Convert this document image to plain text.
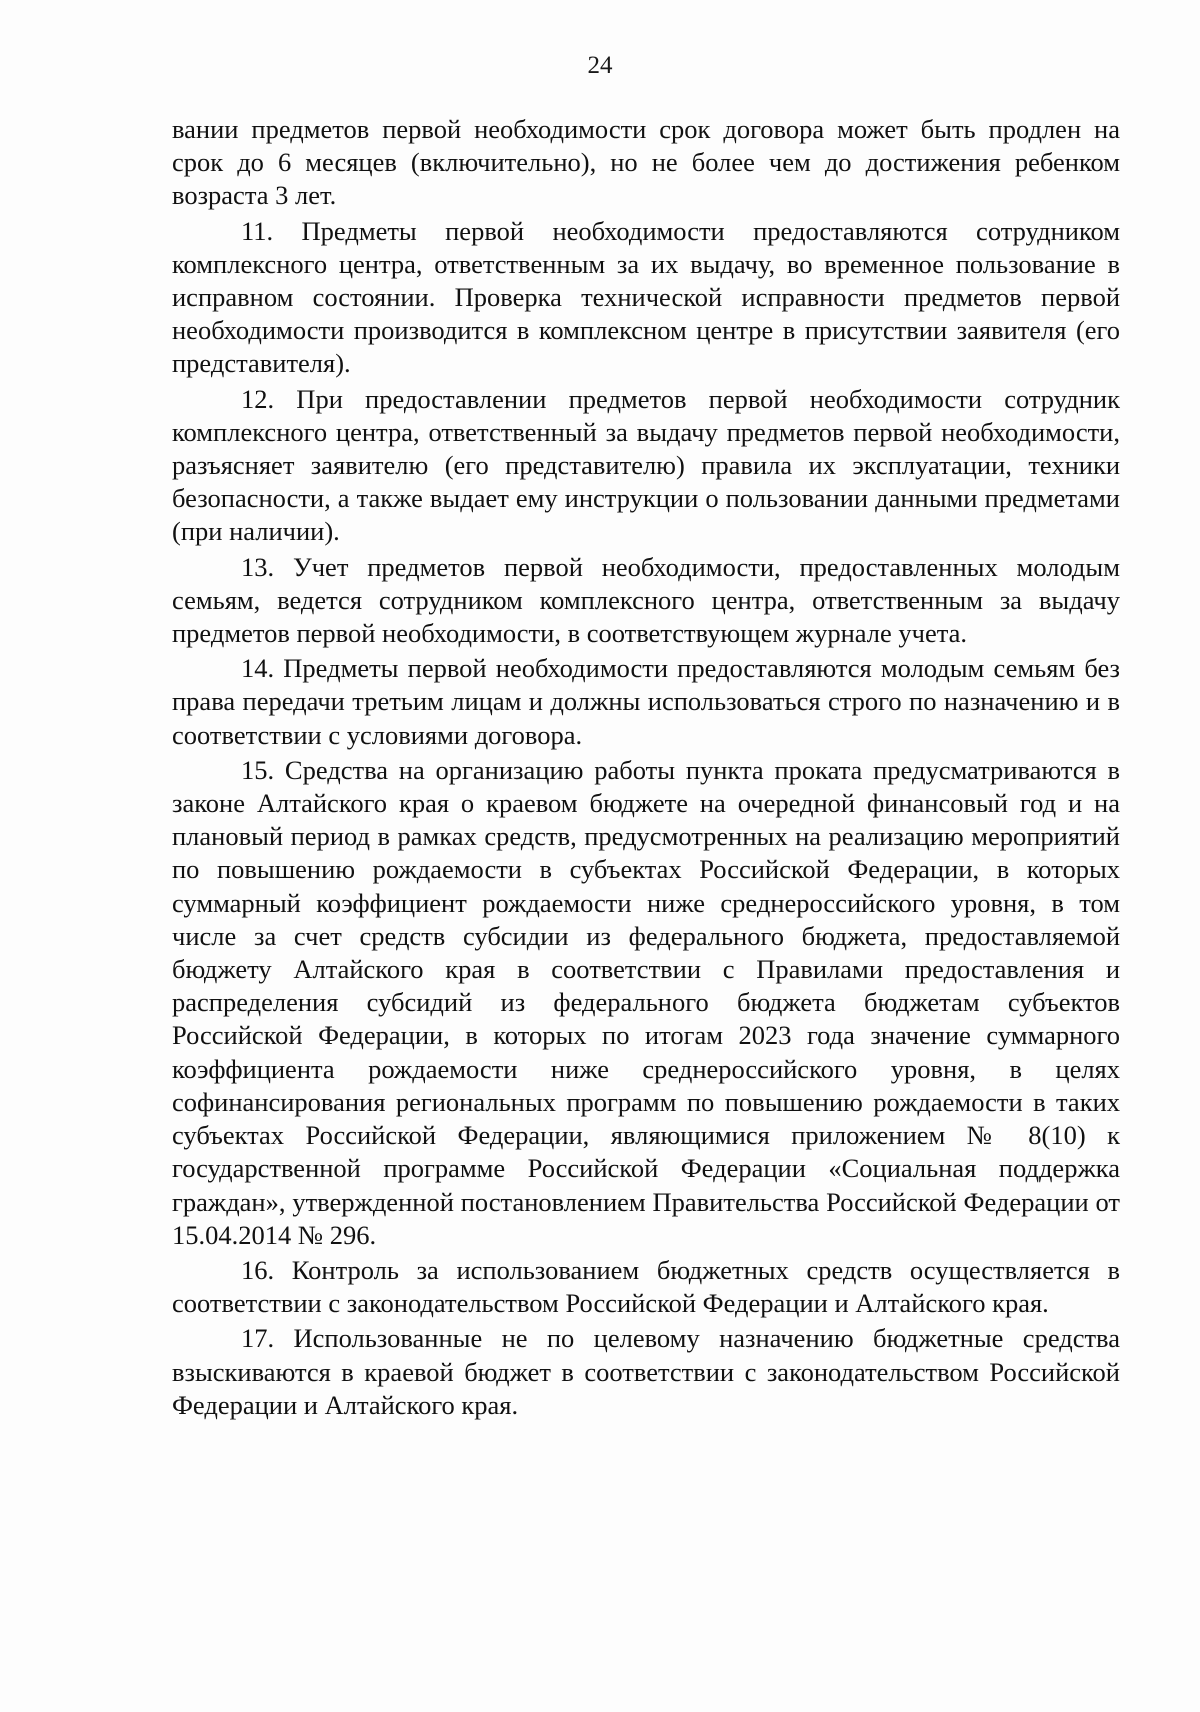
24

вании предметов первой необходимости срок договора может быть продлен на срок до 6 месяцев (включительно), но не более чем до достижения ребенком возраста 3 лет.

11. Предметы первой необходимости предоставляются сотрудником комплексного центра, ответственным за их выдачу, во временное пользование в исправном состоянии. Проверка технической исправности предметов первой необходимости производится в комплексном центре в присутствии заявителя (его представителя).

12. При предоставлении предметов первой необходимости сотрудник комплексного центра, ответственный за выдачу предметов первой необходимости, разъясняет заявителю (его представителю) правила их эксплуатации, техники безопасности, а также выдает ему инструкции о пользовании данными предметами (при наличии).

13. Учет предметов первой необходимости, предоставленных молодым семьям, ведется сотрудником комплексного центра, ответственным за выдачу предметов первой необходимости, в соответствующем журнале учета.

14. Предметы первой необходимости предоставляются молодым семьям без права передачи третьим лицам и должны использоваться строго по назначению и в соответствии с условиями договора.

15. Средства на организацию работы пункта проката предусматриваются в законе Алтайского края о краевом бюджете на очередной финансовый год и на плановый период в рамках средств, предусмотренных на реализацию мероприятий по повышению рождаемости в субъектах Российской Федерации, в которых суммарный коэффициент рождаемости ниже среднероссийского уровня, в том числе за счет средств субсидии из федерального бюджета, предоставляемой бюджету Алтайского края в соответствии с Правилами предоставления и распределения субсидий из федерального бюджета бюджетам субъектов Российской Федерации, в которых по итогам 2023 года значение суммарного коэффициента рождаемости ниже среднероссийского уровня, в целях софинансирования региональных программ по повышению рождаемости в таких субъектах Российской Федерации, являющимися приложением № 8(10) к государственной программе Российской Федерации «Социальная поддержка граждан», утвержденной постановлением Правительства Российской Федерации от 15.04.2014 № 296.

16. Контроль за использованием бюджетных средств осуществляется в соответствии с законодательством Российской Федерации и Алтайского края.

17. Использованные не по целевому назначению бюджетные средства взыскиваются в краевой бюджет в соответствии с законодательством Российской Федерации и Алтайского края.
